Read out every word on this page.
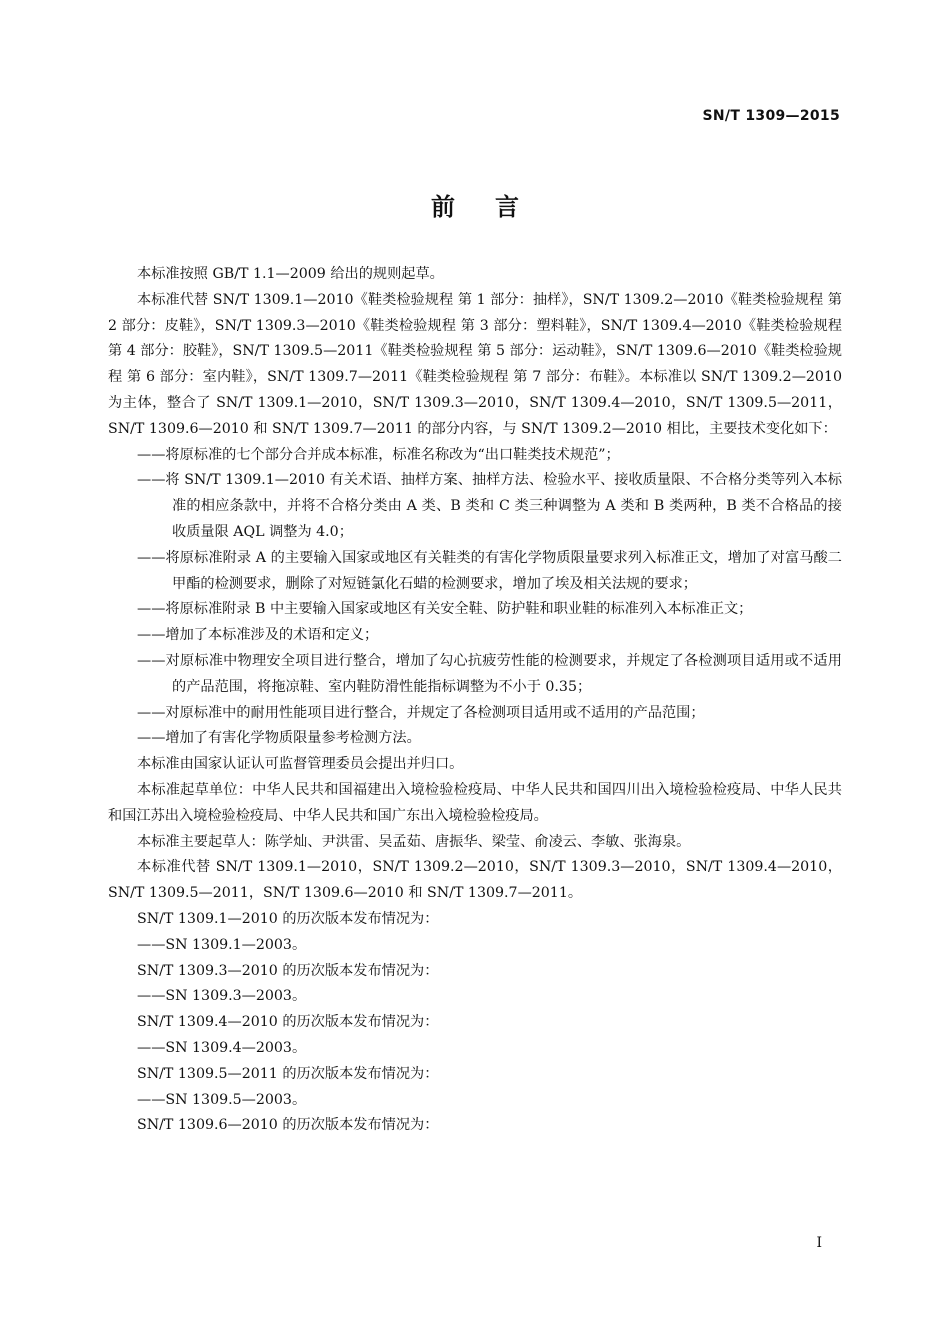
SN/T 1309—2015
前言

本标准按照 GB/T 1.1—2009 给出的规则起草。

本标准代替 SN/T 1309.1—2010《鞋类检验规程 第 1 部分：抽样》，SN/T 1309.2—2010《鞋类检验规程 第 2 部分：皮鞋》，SN/T 1309.3—2010《鞋类检验规程 第 3 部分：塑料鞋》，SN/T 1309.4—2010《鞋类检验规程 第 4 部分：胶鞋》，SN/T 1309.5—2011《鞋类检验规程 第 5 部分：运动鞋》，SN/T 1309.6—2010《鞋类检验规程 第 6 部分：室内鞋》，SN/T 1309.7—2011《鞋类检验规程 第 7 部分：布鞋》。本标准以 SN/T 1309.2—2010 为主体，整合了 SN/T 1309.1—2010，SN/T 1309.3—2010，SN/T 1309.4—2010，SN/T 1309.5—2011，SN/T 1309.6—2010 和 SN/T 1309.7—2011 的部分内容，与 SN/T 1309.2—2010 相比，主要技术变化如下：

——将原标准的七个部分合并成本标准，标准名称改为“出口鞋类技术规范”；

——将 SN/T 1309.1—2010 有关术语、抽样方案、抽样方法、检验水平、接收质量限、不合格分类等列入本标准的相应条款中，并将不合格分类由 A 类、B 类和 C 类三种调整为 A 类和 B 类两种，B 类不合格品的接收质量限 AQL 调整为 4.0；

——将原标准附录 A 的主要输入国家或地区有关鞋类的有害化学物质限量要求列入标准正文，增加了对富马酸二甲酯的检测要求，删除了对短链氯化石蜡的检测要求，增加了埃及相关法规的要求；

——将原标准附录 B 中主要输入国家或地区有关安全鞋、防护鞋和职业鞋的标准列入本标准正文；

——增加了本标准涉及的术语和定义；

——对原标准中物理安全项目进行整合，增加了勾心抗疲劳性能的检测要求，并规定了各检测项目适用或不适用的产品范围，将拖凉鞋、室内鞋防滑性能指标调整为不小于 0.35；

——对原标准中的耐用性能项目进行整合，并规定了各检测项目适用或不适用的产品范围；

——增加了有害化学物质限量参考检测方法。

本标准由国家认证认可监督管理委员会提出并归口。

本标准起草单位：中华人民共和国福建出入境检验检疫局、中华人民共和国四川出入境检验检疫局、中华人民共和国江苏出入境检验检疫局、中华人民共和国广东出入境检验检疫局。

本标准主要起草人：陈学灿、尹洪雷、吴孟茹、唐振华、梁莹、俞凌云、李敏、张海泉。

本标准代替 SN/T 1309.1—2010，SN/T 1309.2—2010，SN/T 1309.3—2010，SN/T 1309.4—2010，SN/T 1309.5—2011，SN/T 1309.6—2010 和 SN/T 1309.7—2011。

SN/T 1309.1—2010 的历次版本发布情况为：

——SN 1309.1—2003。

SN/T 1309.3—2010 的历次版本发布情况为：

——SN 1309.3—2003。

SN/T 1309.4—2010 的历次版本发布情况为：

——SN 1309.4—2003。

SN/T 1309.5—2011 的历次版本发布情况为：

——SN 1309.5—2003。

SN/T 1309.6—2010 的历次版本发布情况为：

I
